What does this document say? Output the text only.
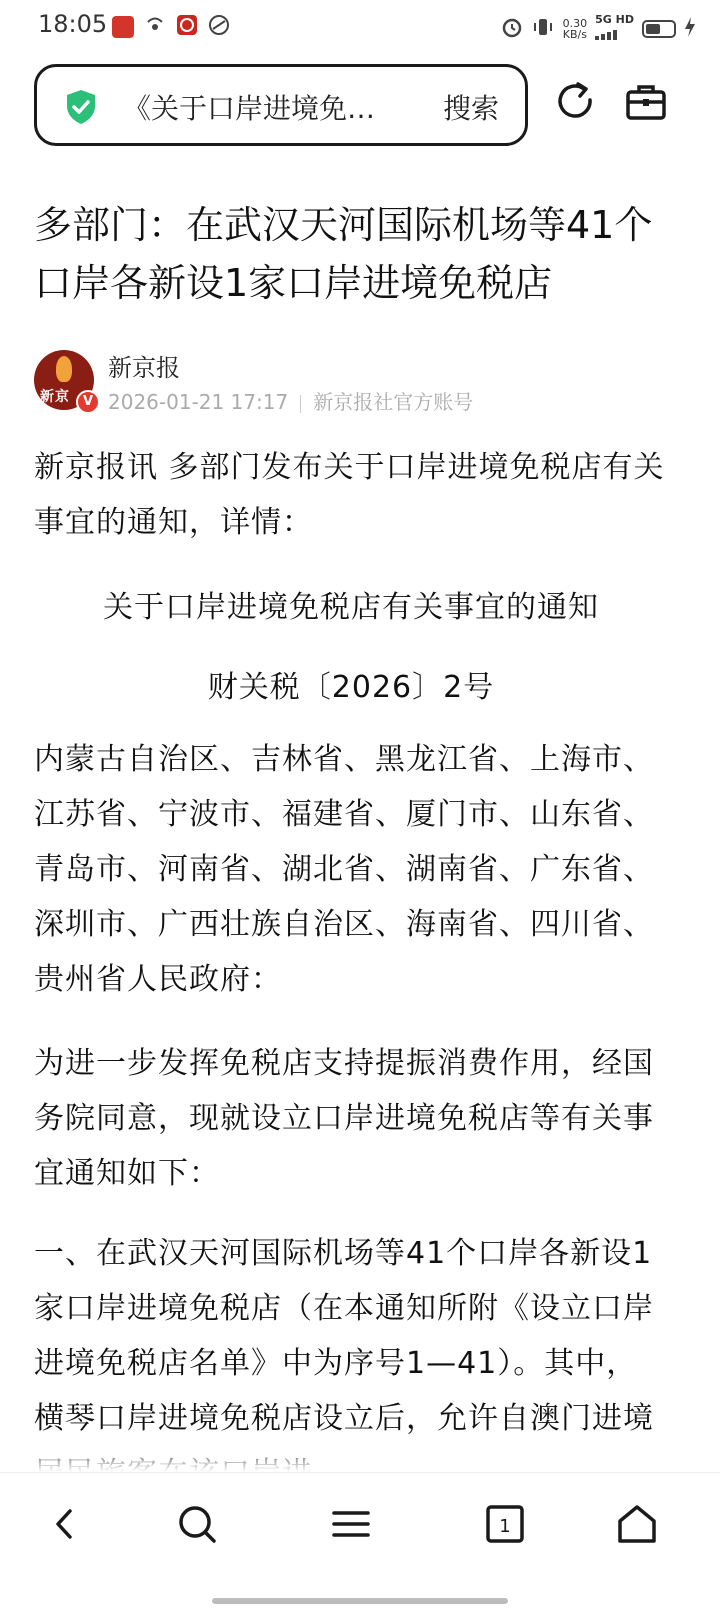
18:05	0.30
KB/s
5G HD
《关于口岸进境免…	搜索
多部门：在武汉天河国际机场等41个口岸各新设1家口岸进境免税店
新京 V
新京报
2026-01-21 17:17 新京报社官方账号
新京报讯 多部门发布关于口岸进境免税店有关事宜的通知，详情：
关于口岸进境免税店有关事宜的通知
财关税〔2026〕2号
内蒙古自治区、吉林省、黑龙江省、上海市、江苏省、宁波市、福建省、厦门市、山东省、青岛市、河南省、湖北省、湖南省、广东省、深圳市、广西壮族自治区、海南省、四川省、贵州省人民政府：
为进一步发挥免税店支持提振消费作用，经国务院同意，现就设立口岸进境免税店等有关事宜通知如下：
一、在武汉天河国际机场等41个口岸各新设1家口岸进境免税店（在本通知所附《设立口岸进境免税店名单》中为序号1—41）。其中，横琴口岸进境免税店设立后，允许自澳门进境
1
